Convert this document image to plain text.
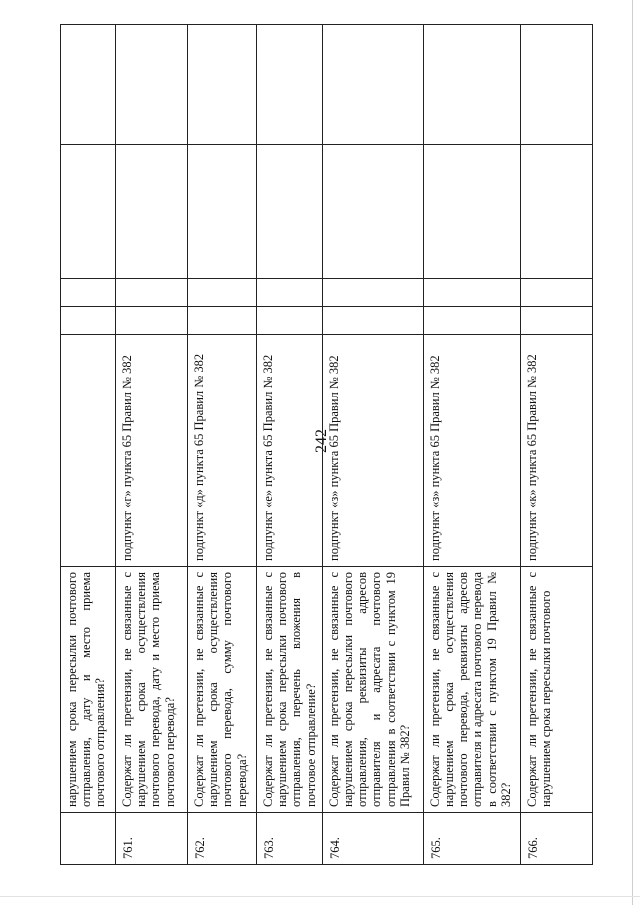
242
	нарушением срока пересылки почтового отправления, дату и место приема почтового отправления?					
761.	Содержат ли претензии, не связанные с нарушением срока осуществления почтового перевода, дату и место приема почтового перевода?	подпункт «г» пункта 65 Правил № 382				
762.	Содержат ли претензии, не связанные с нарушением срока осуществления почтового перевода, сумму почтового перевода?	подпункт «д» пункта 65 Правил № 382				
763.	Содержат ли претензии, не связанные с нарушением срока пересылки почтового отправления, перечень вложения в почтовое отправление?	подпункт «е» пункта 65 Правил № 382				
764.	Содержат ли претензии, не связанные с нарушением срока пересылки почтового отправления, реквизиты адресов отправителя и адресата почтового отправления в соответствии с пунктом 19 Правил № 382?	подпункт «з» пункта 65 Правил № 382				
765.	Содержат ли претензии, не связанные с нарушением срока осуществления почтового перевода, реквизиты адресов отправителя и адресата почтового перевода в соответствии с пунктом 19 Правил № 382?	подпункт «з» пункта 65 Правил № 382				
766.	Содержат ли претензии, не связанные с нарушением срока пересылки почтового	подпункт «к» пункта 65 Правил № 382				
